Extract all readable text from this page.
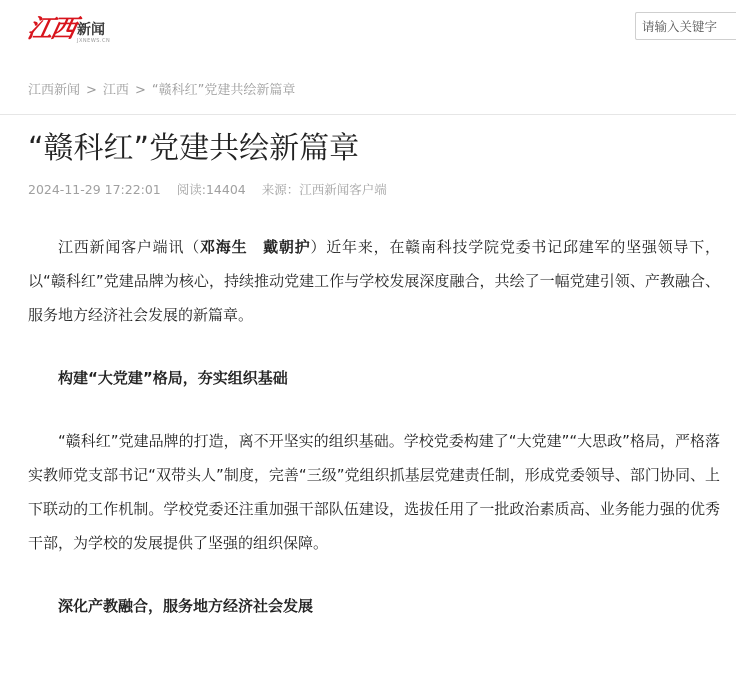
江西 新闻
JXNEWS.CN
请输入关键字
江西新闻 > 江西 > “赣科红”党建共绘新篇章
“赣科红”党建共绘新篇章
2024-11-29 17:22:01 阅读:14404 来源：江西新闻客户端

江西新闻客户端讯（邓海生　戴朝护）近年来，在赣南科技学院党委书记邱建军的坚强领导下，以“赣科红”党建品牌为核心，持续推动党建工作与学校发展深度融合，共绘了一幅党建引领、产教融合、服务地方经济社会发展的新篇章。

构建“大党建”格局，夯实组织基础

“赣科红”党建品牌的打造，离不开坚实的组织基础。学校党委构建了“大党建”“大思政”格局，严格落实教师党支部书记“双带头人”制度，完善“三级”党组织抓基层党建责任制，形成党委领导、部门协同、上下联动的工作机制。学校党委还注重加强干部队伍建设，选拔任用了一批政治素质高、业务能力强的优秀干部，为学校的发展提供了坚强的组织保障。

深化产教融合，服务地方经济社会发展
